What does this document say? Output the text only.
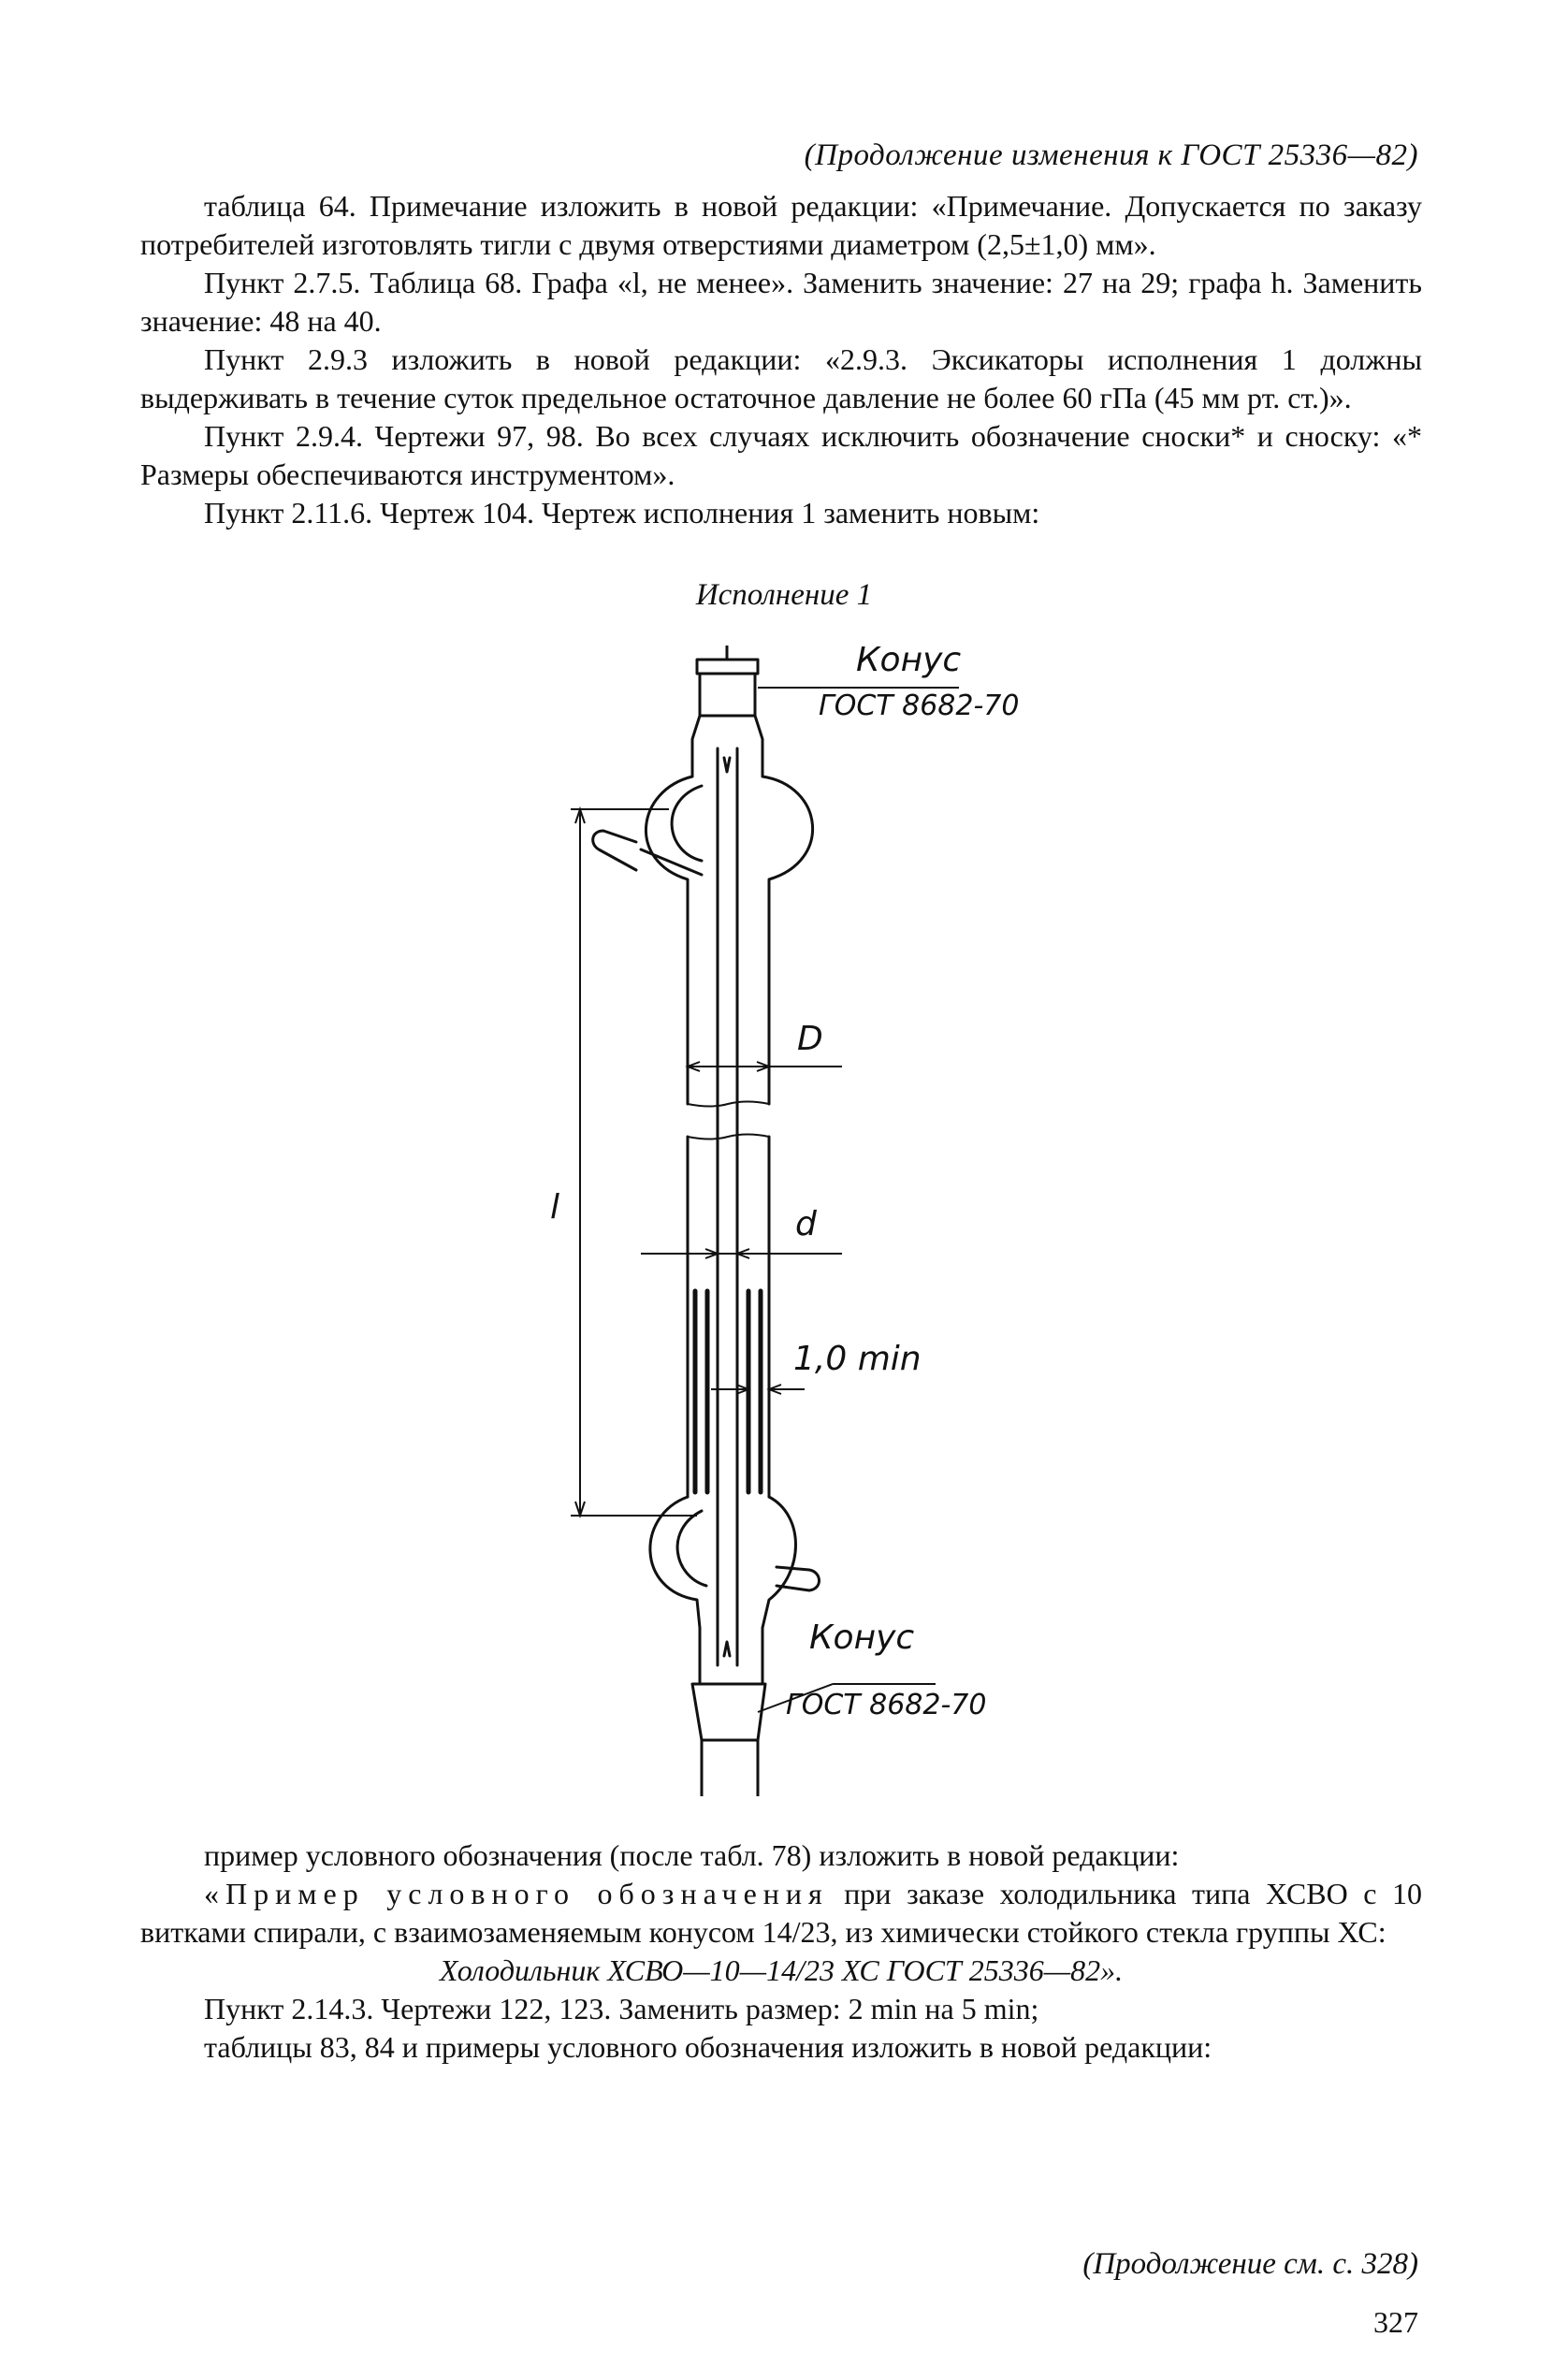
(Продолжение изменения к ГОСТ 25336—82)

таблица 64. Примечание изложить в новой редакции: «Примечание. Допускается по заказу потребителей изготовлять тигли с двумя отверстиями диаметром (2,5±1,0) мм».

Пункт 2.7.5. Таблица 68. Графа «l, не менее». Заменить значение: 27 на 29; графа h. Заменить значение: 48 на 40.

Пункт 2.9.3 изложить в новой редакции: «2.9.3. Эксикаторы исполнения 1 должны выдерживать в течение суток предельное остаточное давление не более 60 гПа (45 мм рт. ст.)».

Пункт 2.9.4. Чертежи 97, 98. Во всех случаях исключить обозначение сноски* и сноску: «* Размеры обеспечиваются инструментом».

Пункт 2.11.6. Чертеж 104. Чертеж исполнения 1 заменить новым:

Исполнение 1
Конус
ГОСТ 8682-70
D
d
l
1,0 min
Конус
ГОСТ 8682-70

пример условного обозначения (после табл. 78) изложить в новой редакции:

«Пример условного обозначения при заказе холодильника типа ХСВО с 10 витками спирали, с взаимозаменяемым конусом 14/23, из химически стойкого стекла группы ХС:

Холодильник ХСВО—10—14/23 ХС ГОСТ 25336—82».

Пункт 2.14.3. Чертежи 122, 123. Заменить размер: 2 min на 5 min;

таблицы 83, 84 и примеры условного обозначения изложить в новой редакции:

(Продолжение см. с. 328)
327
